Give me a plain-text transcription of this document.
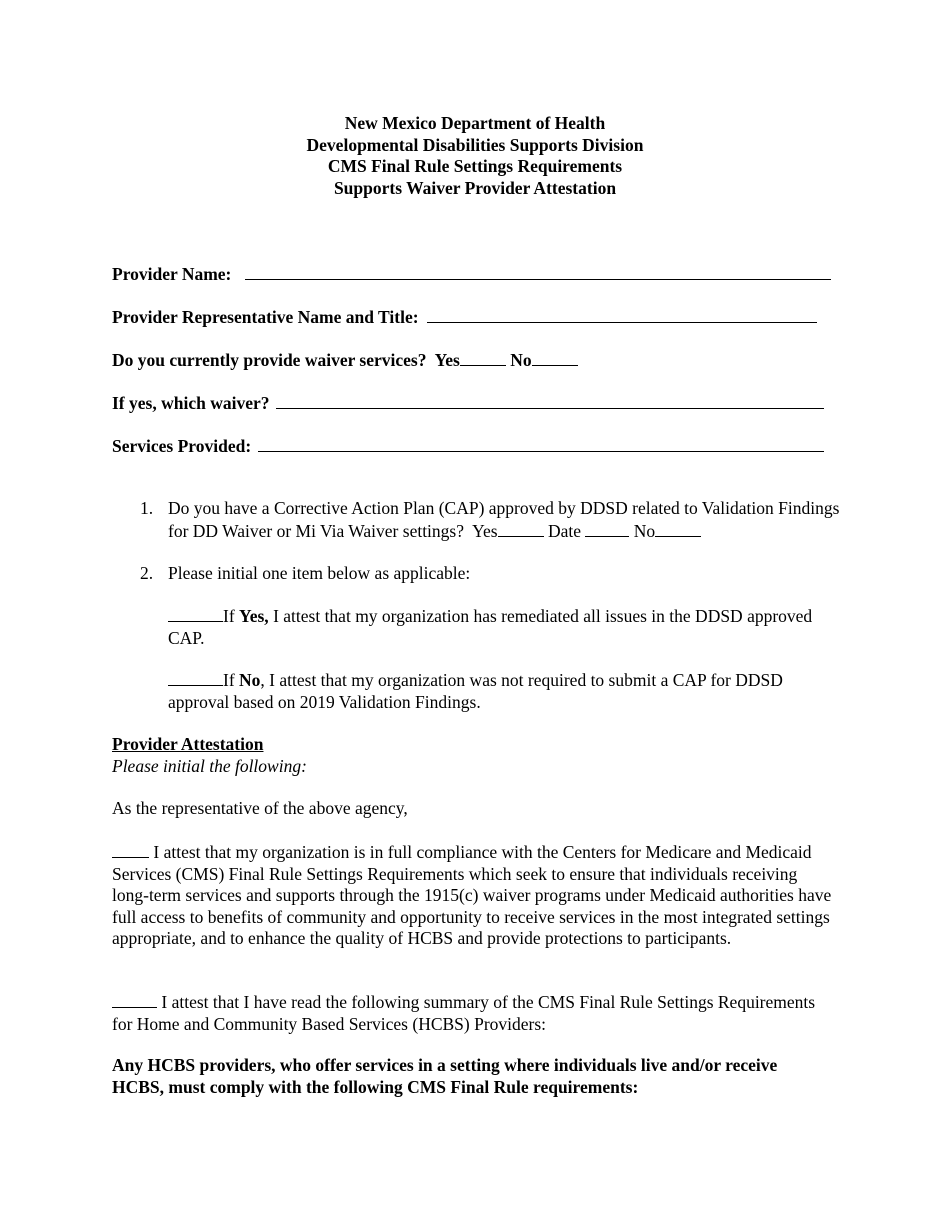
New Mexico Department of Health
Developmental Disabilities Supports Division
CMS Final Rule Settings Requirements
Supports Waiver Provider Attestation
Provider Name:
Provider Representative Name and Title:
Do you currently provide waiver services? Yes	No
If yes, which waiver?
Services Provided:
1. Do you have a Corrective Action Plan (CAP) approved by DDSD related to Validation Findings for DD Waiver or Mi Via Waiver settings? Yes	Date	No
2. Please initial one item below as applicable:
If Yes, I attest that my organization has remediated all issues in the DDSD approved CAP.
If No, I attest that my organization was not required to submit a CAP for DDSD approval based on 2019 Validation Findings.
Provider Attestation
Please initial the following:
As the representative of the above agency,
I attest that my organization is in full compliance with the Centers for Medicare and Medicaid Services (CMS) Final Rule Settings Requirements which seek to ensure that individuals receiving long-term services and supports through the 1915(c) waiver programs under Medicaid authorities have full access to benefits of community and opportunity to receive services in the most integrated settings appropriate, and to enhance the quality of HCBS and provide protections to participants.
I attest that I have read the following summary of the CMS Final Rule Settings Requirements for Home and Community Based Services (HCBS) Providers:
Any HCBS providers, who offer services in a setting where individuals live and/or receive HCBS, must comply with the following CMS Final Rule requirements:
